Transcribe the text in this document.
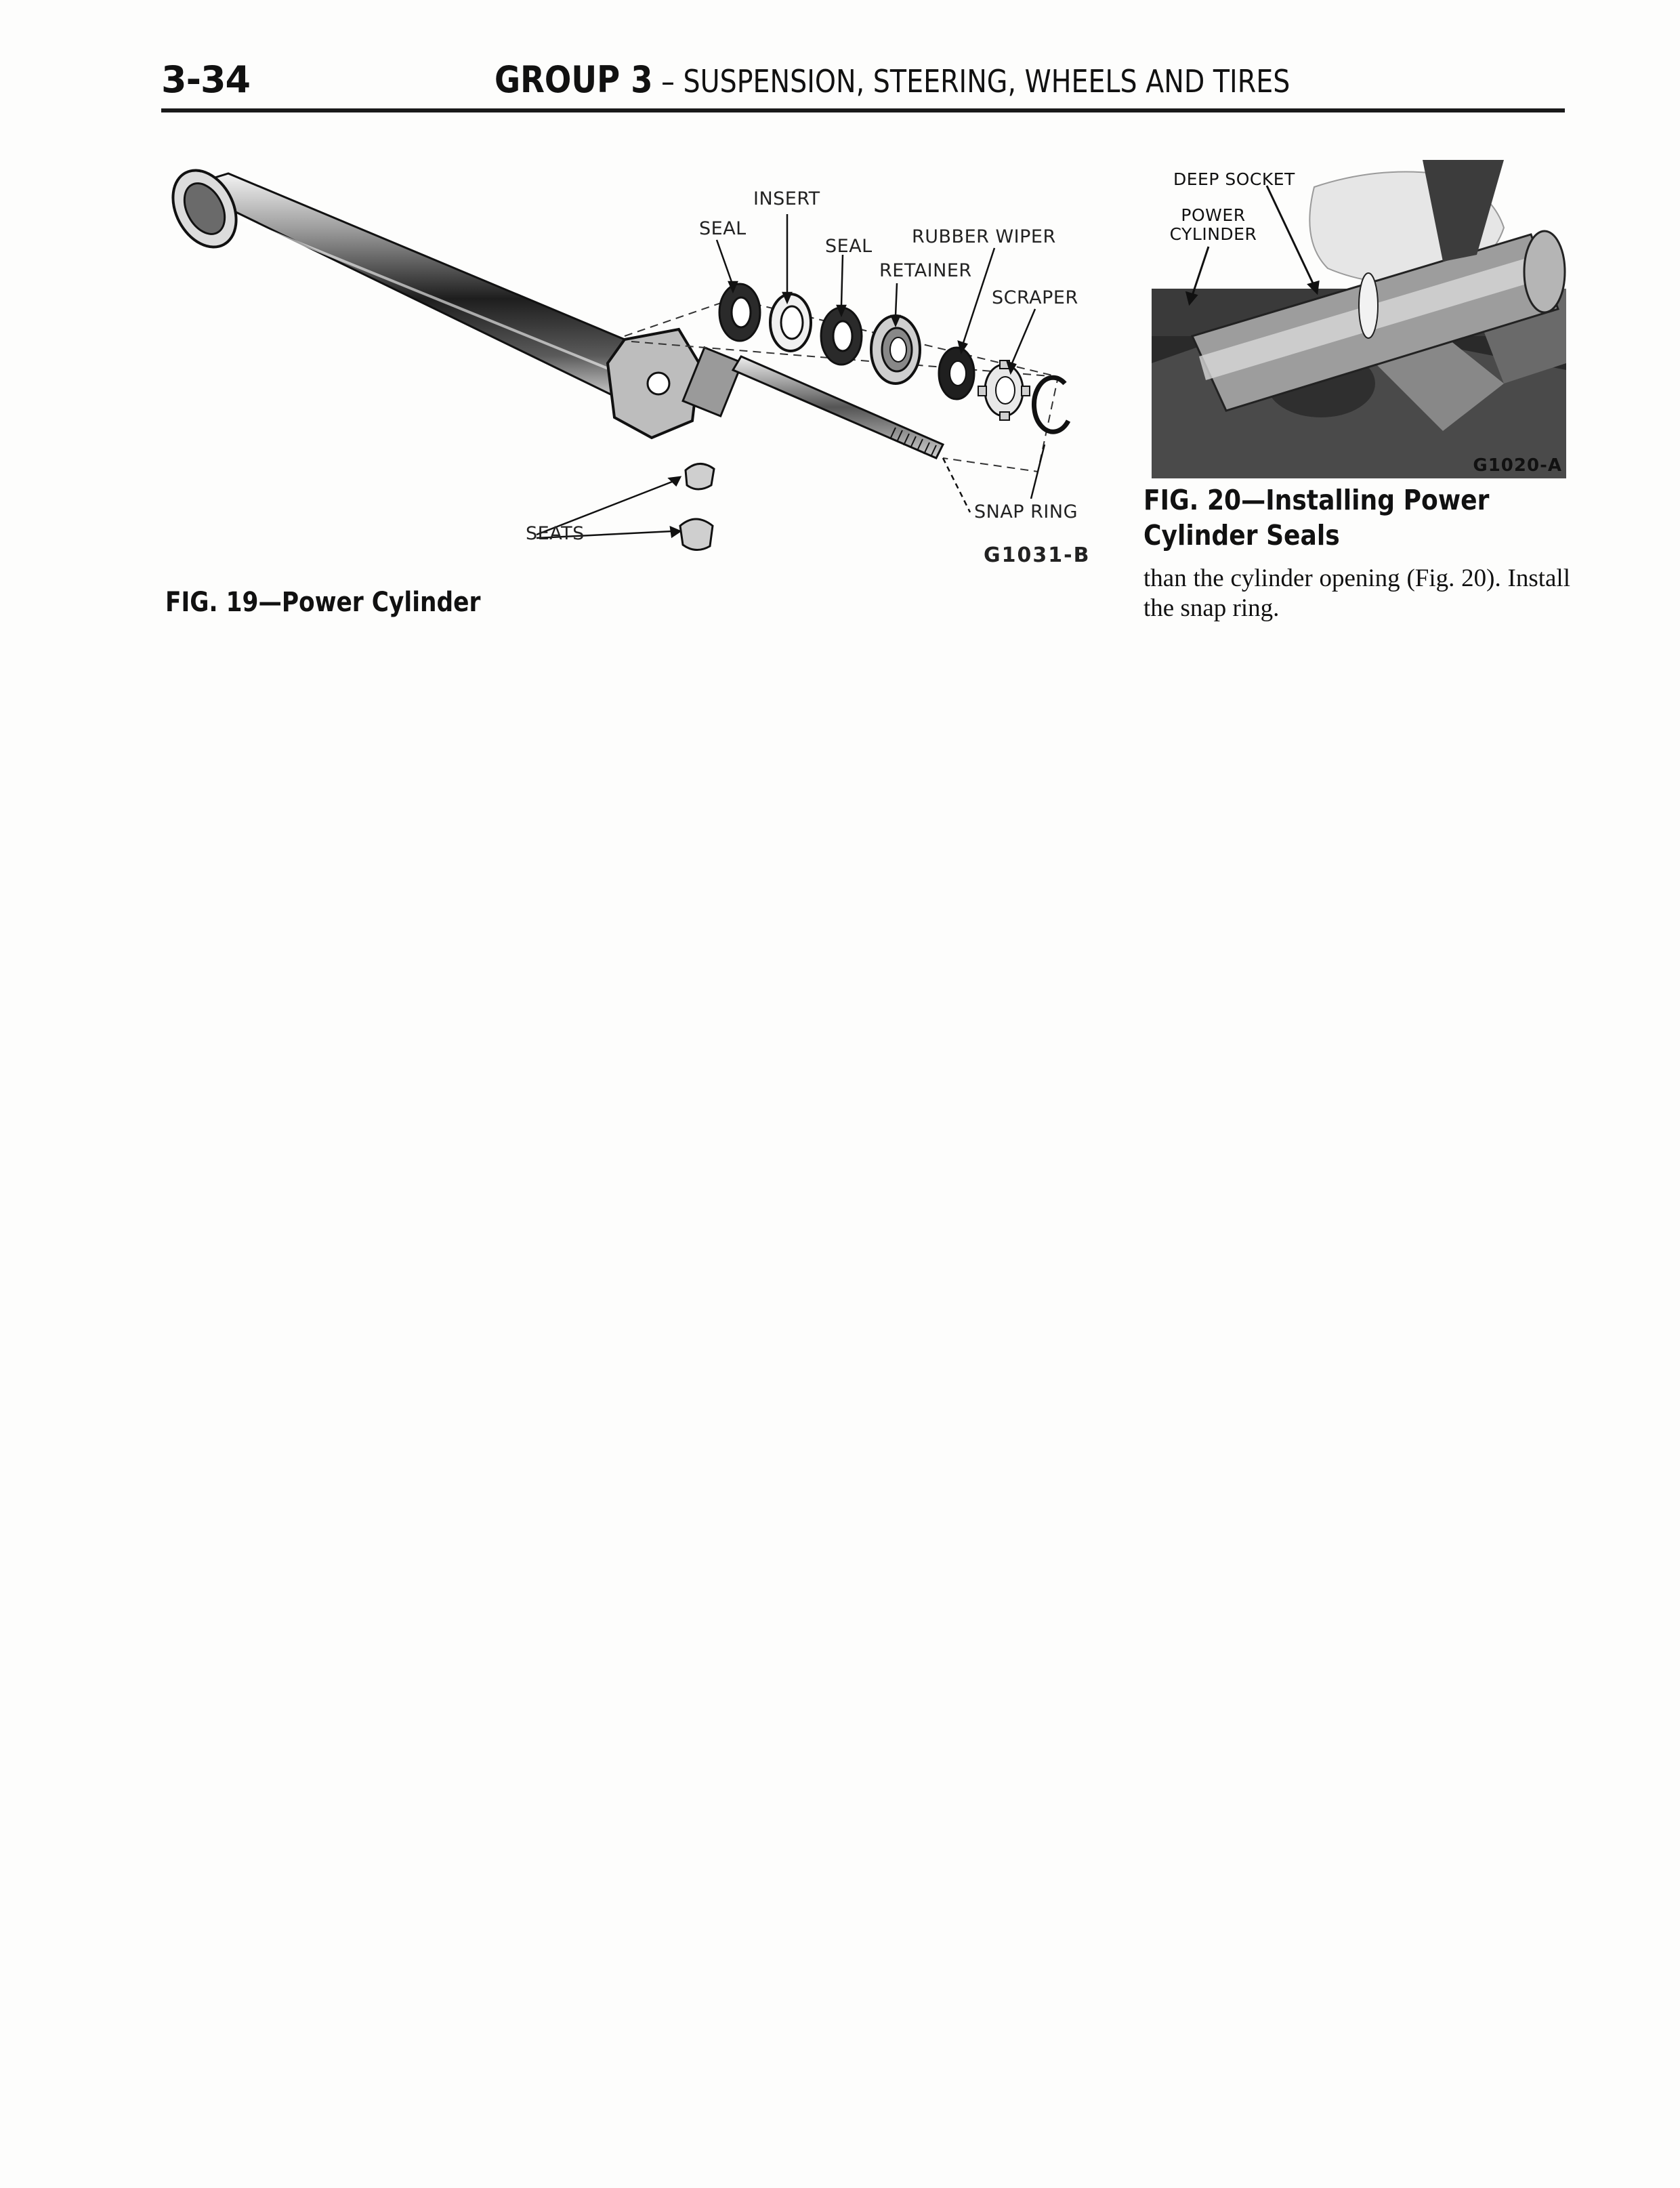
3-34	GROUP 3 – SUSPENSION, STEERING, WHEELS AND TIRES
INSERT
SEAL
SEAL RUBBER WIPER
RETAINER
SCRAPER
SEATS
SNAP RING
G1031-B
FIG. 19—Power Cylinder
DEEP SOCKET
POWER CYLINDER
G1020-A
FIG. 20—Installing Power Cylinder Seals

than the cylinder opening (Fig. 20). Install the snap ring.
